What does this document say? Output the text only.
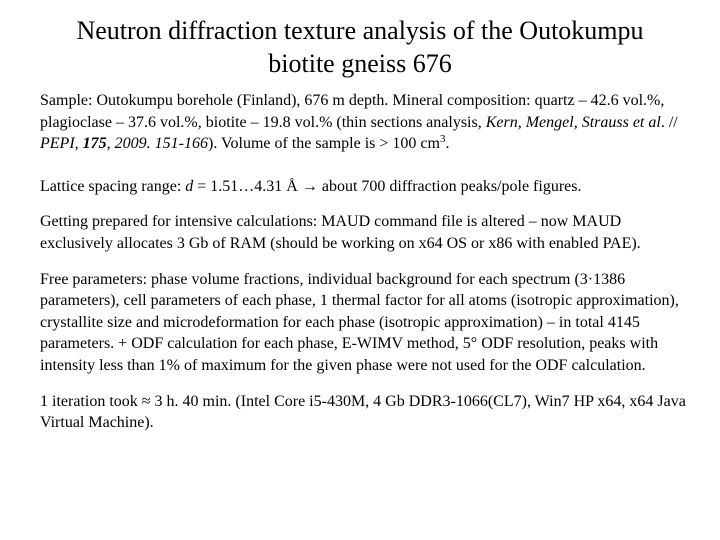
Neutron diffraction texture analysis of the Outokumpu
biotite gneiss 676

Sample: Outokumpu borehole (Finland), 676 m depth. Mineral composition: quartz – 42.6 vol.%, plagioclase – 37.6 vol.%, biotite – 19.8 vol.% (thin sections analysis, Kern, Mengel, Strauss et al. // PEPI, 175, 2009. 151-166). Volume of the sample is > 100 $cm^3$.

Lattice spacing range: d = 1.51…4.31 Å → about 700 diffraction peaks/pole figures.

Getting prepared for intensive calculations: MAUD command file is altered – now MAUD exclusively allocates 3 Gb of RAM (should be working on x64 OS or x86 with enabled PAE).

Free parameters: phase volume fractions, individual background for each spectrum (3·1386 parameters), cell parameters of each phase, 1 thermal factor for all atoms (isotropic approximation), crystallite size and microdeformation for each phase (isotropic approximation) – in total 4145 parameters. + ODF calculation for each phase, E-WIMV method, 5° ODF resolution, peaks with intensity less than 1% of maximum for the given phase were not used for the ODF calculation.

1 iteration took ≈ 3 h. 40 min. (Intel Core i5-430M, 4 Gb DDR3-1066(CL7), Win7 HP x64, x64 Java Virtual Machine).
